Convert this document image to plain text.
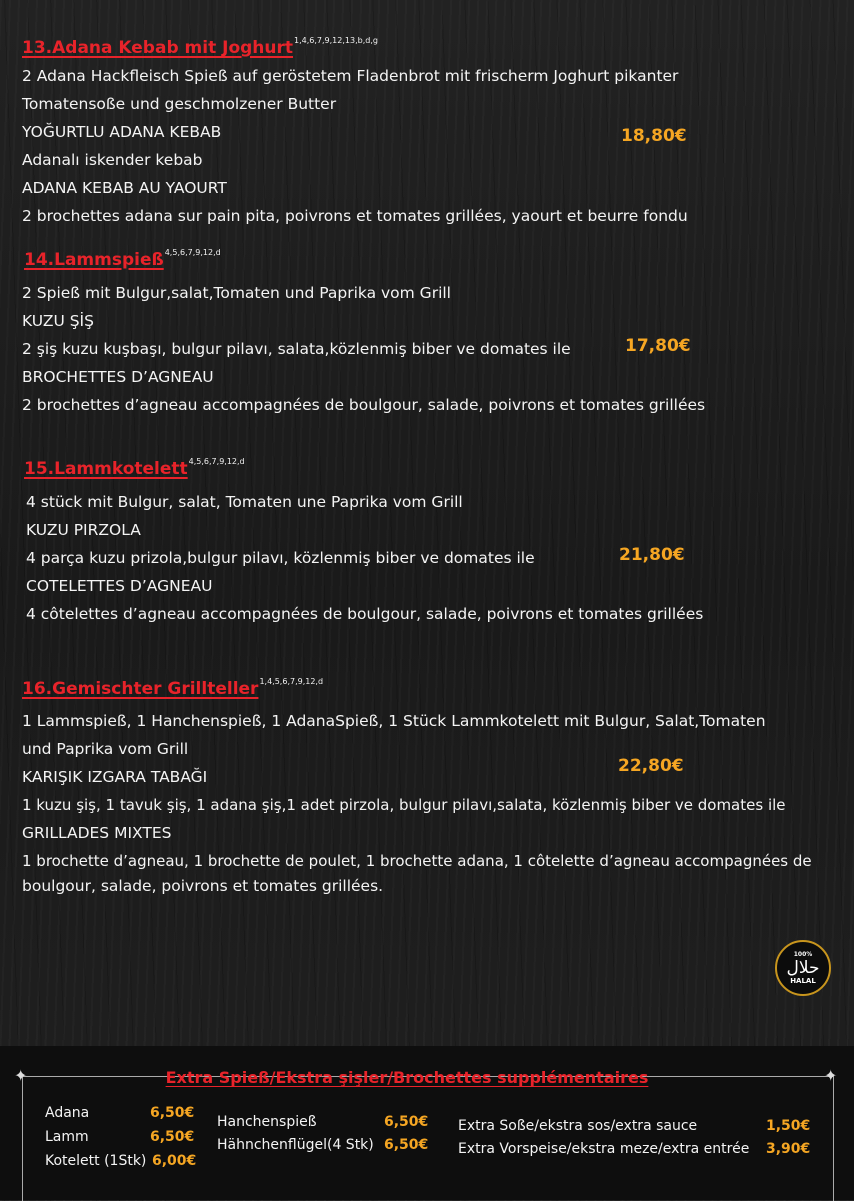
13.Adana Kebab mit Joghurt$^{1,4,6,7,9,12,13,b,d,g}$
2 Adana Hackfleisch Spieß auf geröstetem Fladenbrot mit frischerm Joghurt pikanter
Tomatensoße und geschmolzener Butter
YOĞURTLU ADANA KEBAB
Adanalı iskender kebab
ADANA KEBAB AU YAOURT
2 brochettes adana sur pain pita, poivrons et tomates grillées, yaourt et beurre fondu
18,80€
14.Lammspieß$^{4,5,6,7,9,12,d}$
2 Spieß mit Bulgur,salat,Tomaten und Paprika vom Grill
KUZU ŞİŞ
2 şiş kuzu kuşbaşı, bulgur pilavı, salata,közlenmiş biber ve domates ile
BROCHETTES D’AGNEAU
2 brochettes d’agneau accompagnées de boulgour, salade, poivrons et tomates grillées
17,80€
15.Lammkotelett$^{4,5,6,7,9,12,d}$
4 stück mit Bulgur, salat, Tomaten une Paprika vom Grill
KUZU PIRZOLA
4 parça kuzu prizola,bulgur pilavı, közlenmiş biber ve domates ile
COTELETTES D’AGNEAU
4 côtelettes d’agneau accompagnées de boulgour, salade, poivrons et tomates grillées
21,80€
16.Gemischter Grillteller$^{1,4,5,6,7,9,12,d}$
1 Lammspieß, 1 Hanchenspieß, 1 AdanaSpieß, 1 Stück Lammkotelett mit Bulgur, Salat,Tomaten
und Paprika vom Grill
KARIŞIK IZGARA TABAĞI
1 kuzu şiş, 1 tavuk şiş, 1 adana şiş,1 adet pirzola, bulgur pilavı,salata, közlenmiş biber ve domates ile
GRILLADES MIXTES
1 brochette d’agneau, 1 brochette de poulet, 1 brochette adana, 1 côtelette d’agneau accompagnées de
boulgour, salade, poivrons et tomates grillées.
22,80€
100%
حلال
HALAL
✦	✦
Extra Spieß/Ekstra şişler/Brochettes supplémentaires
Adana	6,50€
Lamm	6,50€
Kotelett (1Stk) 6,00€
Hanchenspieß	6,50€
Hähnchenflügel(4 Stk) 6,50€
Extra Soße/ekstra sos/extra sauce	1,50€
Extra Vorspeise/ekstra meze/extra entrée 3,90€
